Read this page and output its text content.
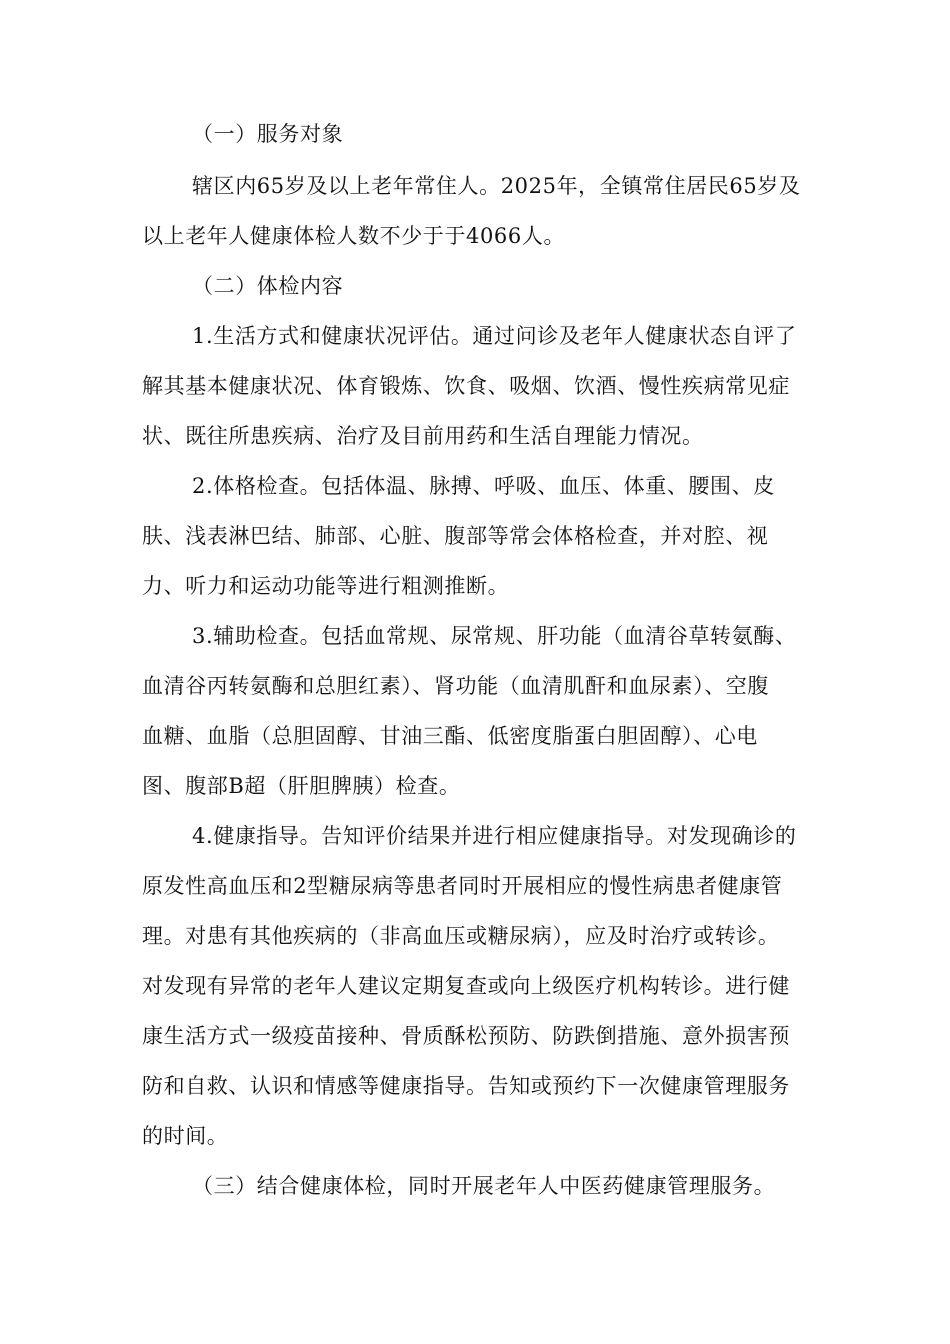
（一）服务对象
辖区内65岁及以上老年常住人。2025年，全镇常住居民65岁及
以上老年人健康体检人数不少于于4066人。
（二）体检内容
1.生活方式和健康状况评估。通过问诊及老年人健康状态自评了
解其基本健康状况、体育锻炼、饮食、吸烟、饮酒、慢性疾病常见症
状、既往所患疾病、治疗及目前用药和生活自理能力情况。
2.体格检查。包括体温、脉搏、呼吸、血压、体重、腰围、皮
肤、浅表淋巴结、肺部、心脏、腹部等常会体格检查，并对腔、视
力、听力和运动功能等进行粗测推断。
3.辅助检查。包括血常规、尿常规、肝功能（血清谷草转氨酶、
血清谷丙转氨酶和总胆红素）、肾功能（血清肌酐和血尿素）、空腹
血糖、血脂（总胆固醇、甘油三酯、低密度脂蛋白胆固醇）、心电
图、腹部B超（肝胆脾胰）检查。
4.健康指导。告知评价结果并进行相应健康指导。对发现确诊的
原发性高血压和2型糖尿病等患者同时开展相应的慢性病患者健康管
理。对患有其他疾病的（非高血压或糖尿病），应及时治疗或转诊。
对发现有异常的老年人建议定期复查或向上级医疗机构转诊。进行健
康生活方式一级疫苗接种、骨质酥松预防、防跌倒措施、意外损害预
防和自救、认识和情感等健康指导。告知或预约下一次健康管理服务
的时间。
（三）结合健康体检，同时开展老年人中医药健康管理服务。
